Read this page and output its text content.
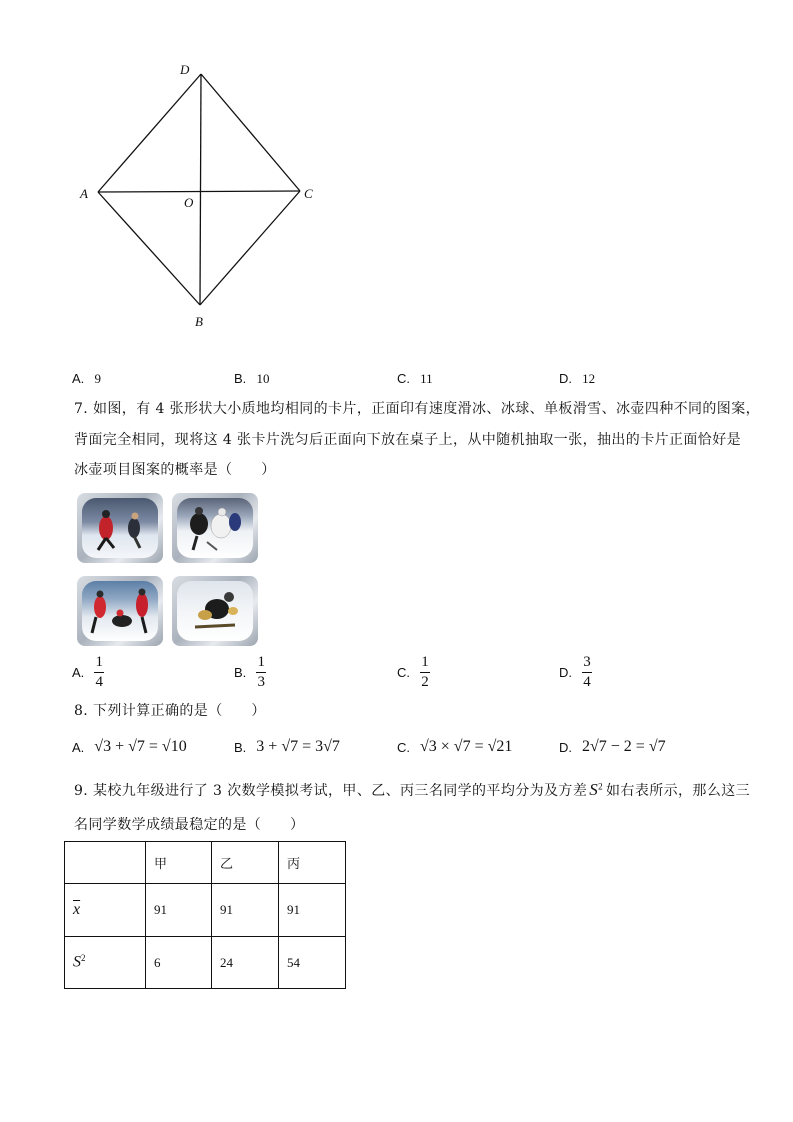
D
A	C
O
B
A. 9	B. 10	C. 11	D. 12
7. 如图，有 4 张形状大小质地均相同的卡片，正面印有速度滑冰、冰球、单板滑雪、冰壶四种不同的图案，
背面完全相同，现将这 4 张卡片洗匀后正面向下放在桌子上，从中随机抽取一张，抽出的卡片正面恰好是
冰壶项目图案的概率是（　　）
A. $\frac{1}{4}$	B. $\frac{1}{3}$	C. $\frac{1}{2}$	D. $\frac{3}{4}$
8. 下列计算正确的是（　　）
A. √3 + √7 = √10	B. 3 + √7 = 3√7	C. √3 × √7 = √21	D. 2√7 − 2 = √7
9. 某校九年级进行了 3 次数学模拟考试，甲、乙、丙三名同学的平均分为及方差 $S^2$ 如右表所示，那么这三
名同学数学成绩最稳定的是（　　）
	甲	乙	丙
$\overline{x}$	91	91	91
$S^2$	6	24	54
